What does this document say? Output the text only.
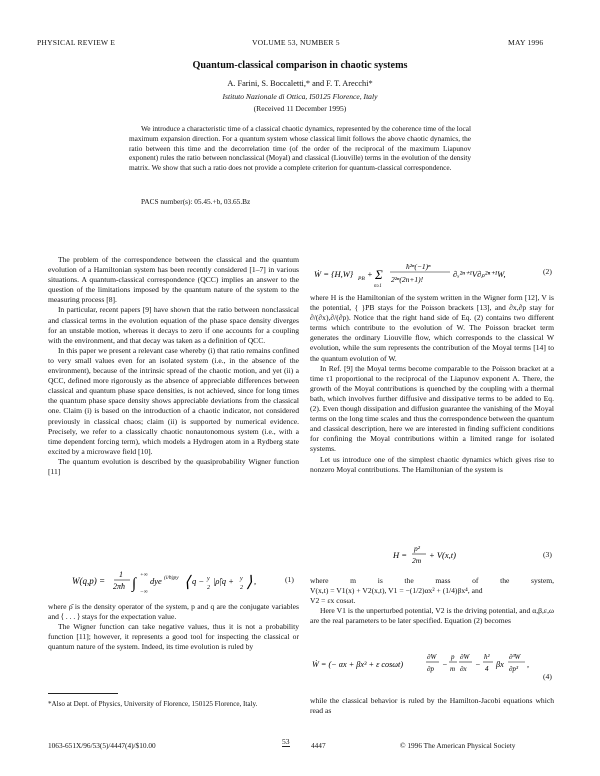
PHYSICAL REVIEW E	VOLUME 53, NUMBER 5	MAY 1996
Quantum-classical comparison in chaotic systems
A. Farini, S. Boccaletti,* and F. T. Arecchi*
Istituto Nazionale di Ottica, I50125 Florence, Italy
(Received 11 December 1995)
We introduce a characteristic time of a classical chaotic dynamics, represented by the coherence time of the local maximum expansion direction. For a quantum system whose classical limit follows the above chaotic dynamics, the ratio between this time and the decorrelation time (of the order of the reciprocal of the maximum Liapunov exponent) rules the ratio between nonclassical (Moyal) and classical (Liouville) terms in the evolution of the density matrix. We show that such a ratio does not provide a complete criterion for quantum-classical correspondence.
PACS number(s): 05.45.+b, 03.65.Bz

The problem of the correspondence between the classical and the quantum evolution of a Hamiltonian system has been recently considered [1–7] in various situations. A quantum-classical correspondence (QCC) implies an answer to the question of the limitations imposed by the quantum nature of the system to the measuring process [8].

In particular, recent papers [9] have shown that the ratio between nonclassical and classical terms in the evolution equation of the phase space density diverges for an unstable motion, whereas it decays to zero if one accounts for a coupling with the environment, and that decay was taken as a definition of QCC.

In this paper we present a relevant case whereby (i) that ratio remains confined to very small values even for an isolated system (i.e., in the absence of the environment), because of the intrinsic spread of the chaotic motion, and yet (ii) a QCC, defined more rigorously as the absence of appreciable differences between classical and quantum phase space densities, is not achieved, since for long times the quantum phase space density shows appreciable deviations from the classical one. Claim (i) is based on the introduction of a chaotic indicator, not considered previously in classical chaos; claim (ii) is supported by numerical evidence. Precisely, we refer to a classically chaotic nonautonomous system (i.e., with a time dependent forcing term), which models a Hydrogen atom in a Rydberg state excited by a microwave field [10].

The quantum evolution is described by the quasiprobability Wigner function [11]

W(q,p) =
1
2πħ ∫
+∞
−∞
dye (i/ħ)py ⟨ q − y
2
|ρ̂|q + y
2 ⟩ ,	(1)

where ρ̂ is the density operator of the system, p and q are the conjugate variables and ⟨ . . . ⟩ stays for the expectation value.

The Wigner function can take negative values, thus it is not a probability function [11]; however, it represents a good tool for inspecting the classical or quantum nature of the system. Indeed, its time evolution is ruled by

*Also at Dept. of Physics, University of Florence, 150125 Florence, Italy.
Ẇ = {H,W} PB + Σ
n≥1
ħ²ⁿ(−1)ⁿ
2²ⁿ(2n+1)!
∂ₓ²ⁿ⁺¹V∂ₚ²ⁿ⁺¹W,	(2)

where H is the Hamiltonian of the system written in the Wigner form [12], V is the potential, { }PB stays for the Poisson brackets [13], and ∂x,∂p stay for ∂/(∂x),∂/(∂p). Notice that the right hand side of Eq. (2) contains two different terms which contribute to the evolution of W. The Poisson bracket term generates the ordinary Liouville flow, which corresponds to the classical W evolution, while the sum represents the contribution of the Moyal terms [14] to the quantum evolution of W.

In Ref. [9] the Moyal terms become comparable to the Poisson bracket at a time τ1 proportional to the reciprocal of the Liapunov exponent Λ. There, the growth of the Moyal contributions is quenched by the coupling with a thermal bath, which involves further diffusive and dissipative terms to be added to Eq. (2). Even though dissipation and diffusion guarantee the vanishing of the Moyal terms on the long time scales and thus the correspondence between the quantum and classical description, here we are interested in finding sufficient conditions for confining the Moyal contributions within a limited range for isolated systems.

Let us introduce one of the simplest chaotic dynamics which gives rise to nonzero Moyal contributions. The Hamiltonian of the system is

H =
p²
2m
+ V(x,t)	(3)

where m is the mass of the system,

V(x,t) = V1(x) + V2(x,t), V1 = −(1/2)αx² + (1/4)βx⁴, and

V2 = εx cosωt.

Here V1 is the unperturbed potential, V2 is the driving potential, and α,β,ε,ω are the real parameters to be later specified. Equation (2) becomes

Ẇ = (− αx + βx³ + ε cosωt)
∂W
∂p −
p
m
∂W
∂x −
ħ²
4 βx
∂³W
∂p³ ,
(4)

while the classical behavior is ruled by the Hamilton-Jacobi equations which read as

1063-651X/96/53(5)/4447(4)/$10.00	53	4447	© 1996 The American Physical Society
